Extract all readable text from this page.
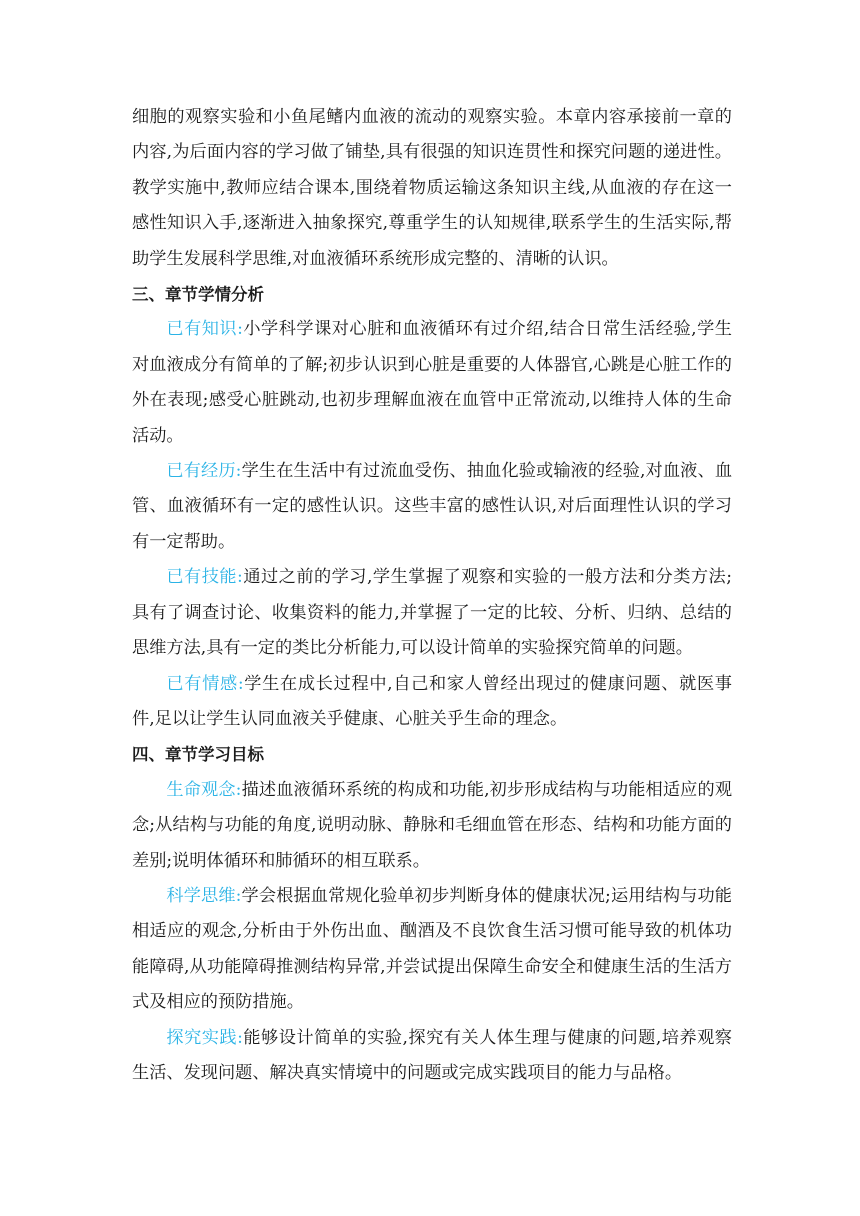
细胞的观察实验和小鱼尾鳍内血液的流动的观察实验。本章内容承接前一章的内容,为后面内容的学习做了铺垫,具有很强的知识连贯性和探究问题的递进性。教学实施中,教师应结合课本,围绕着物质运输这条知识主线,从血液的存在这一感性知识入手,逐渐进入抽象探究,尊重学生的认知规律,联系学生的生活实际,帮助学生发展科学思维,对血液循环系统形成完整的、清晰的认识。

三、章节学情分析

已有知识:小学科学课对心脏和血液循环有过介绍,结合日常生活经验,学生对血液成分有简单的了解;初步认识到心脏是重要的人体器官,心跳是心脏工作的外在表现;感受心脏跳动,也初步理解血液在血管中正常流动,以维持人体的生命活动。

已有经历:学生在生活中有过流血受伤、抽血化验或输液的经验,对血液、血管、血液循环有一定的感性认识。这些丰富的感性认识,对后面理性认识的学习有一定帮助。

已有技能:通过之前的学习,学生掌握了观察和实验的一般方法和分类方法;具有了调查讨论、收集资料的能力,并掌握了一定的比较、分析、归纳、总结的思维方法,具有一定的类比分析能力,可以设计简单的实验探究简单的问题。

已有情感:学生在成长过程中,自己和家人曾经出现过的健康问题、就医事件,足以让学生认同血液关乎健康、心脏关乎生命的理念。

四、章节学习目标

生命观念:描述血液循环系统的构成和功能,初步形成结构与功能相适应的观念;从结构与功能的角度,说明动脉、静脉和毛细血管在形态、结构和功能方面的差别;说明体循环和肺循环的相互联系。

科学思维:学会根据血常规化验单初步判断身体的健康状况;运用结构与功能相适应的观念,分析由于外伤出血、酗酒及不良饮食生活习惯可能导致的机体功能障碍,从功能障碍推测结构异常,并尝试提出保障生命安全和健康生活的生活方式及相应的预防措施。

探究实践:能够设计简单的实验,探究有关人体生理与健康的问题,培养观察生活、发现问题、解决真实情境中的问题或完成实践项目的能力与品格。
